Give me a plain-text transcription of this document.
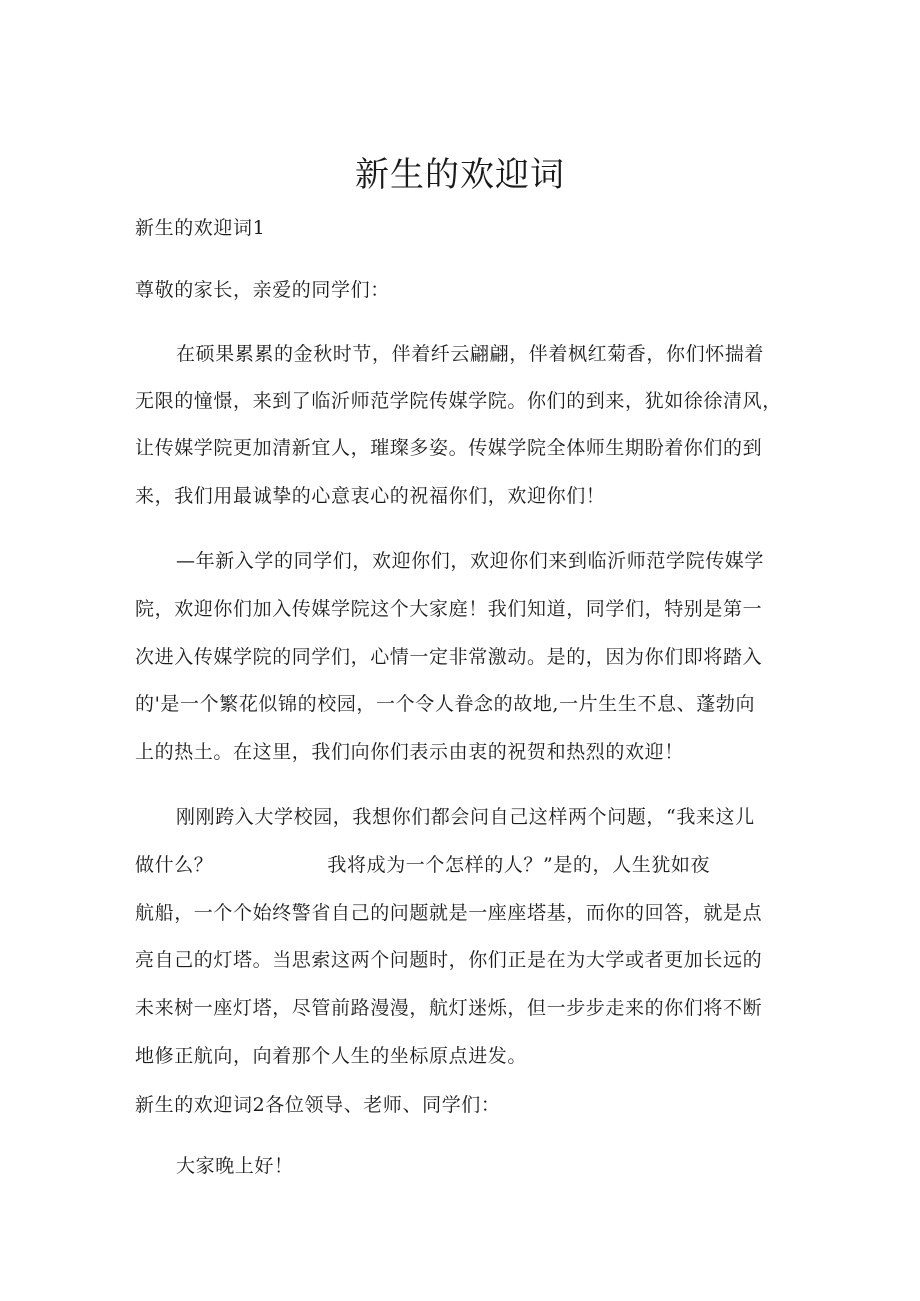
新生的欢迎词
新生的欢迎词1
尊敬的家长，亲爱的同学们：
在硕果累累的金秋时节，伴着纤云翩翩，伴着枫红菊香，你们怀揣着
无限的憧憬，来到了临沂师范学院传媒学院。你们的到来，犹如徐徐清风，
让传媒学院更加清新宜人，璀璨多姿。传媒学院全体师生期盼着你们的到
来，我们用最诚挚的心意衷心的祝福你们，欢迎你们！
—年新入学的同学们，欢迎你们，欢迎你们来到临沂师范学院传媒学
院，欢迎你们加入传媒学院这个大家庭！我们知道，同学们，特别是第一
次进入传媒学院的同学们，心情一定非常激动。是的，因为你们即将踏入
的'是一个繁花似锦的校园，一个令人眷念的故地,一片生生不息、蓬勃向
上的热土。在这里，我们向你们表示由衷的祝贺和热烈的欢迎！
刚刚跨入大学校园，我想你们都会问自己这样两个问题，“我来这儿
做什么？	我将成为一个怎样的人？”是的，人生犹如夜
航船，一个个始终警省自己的问题就是一座座塔基，而你的回答，就是点
亮自己的灯塔。当思索这两个问题时，你们正是在为大学或者更加长远的
未来树一座灯塔，尽管前路漫漫，航灯迷烁，但一步步走来的你们将不断
地修正航向，向着那个人生的坐标原点进发。
新生的欢迎词2各位领导、老师、同学们：
大家晚上好！
